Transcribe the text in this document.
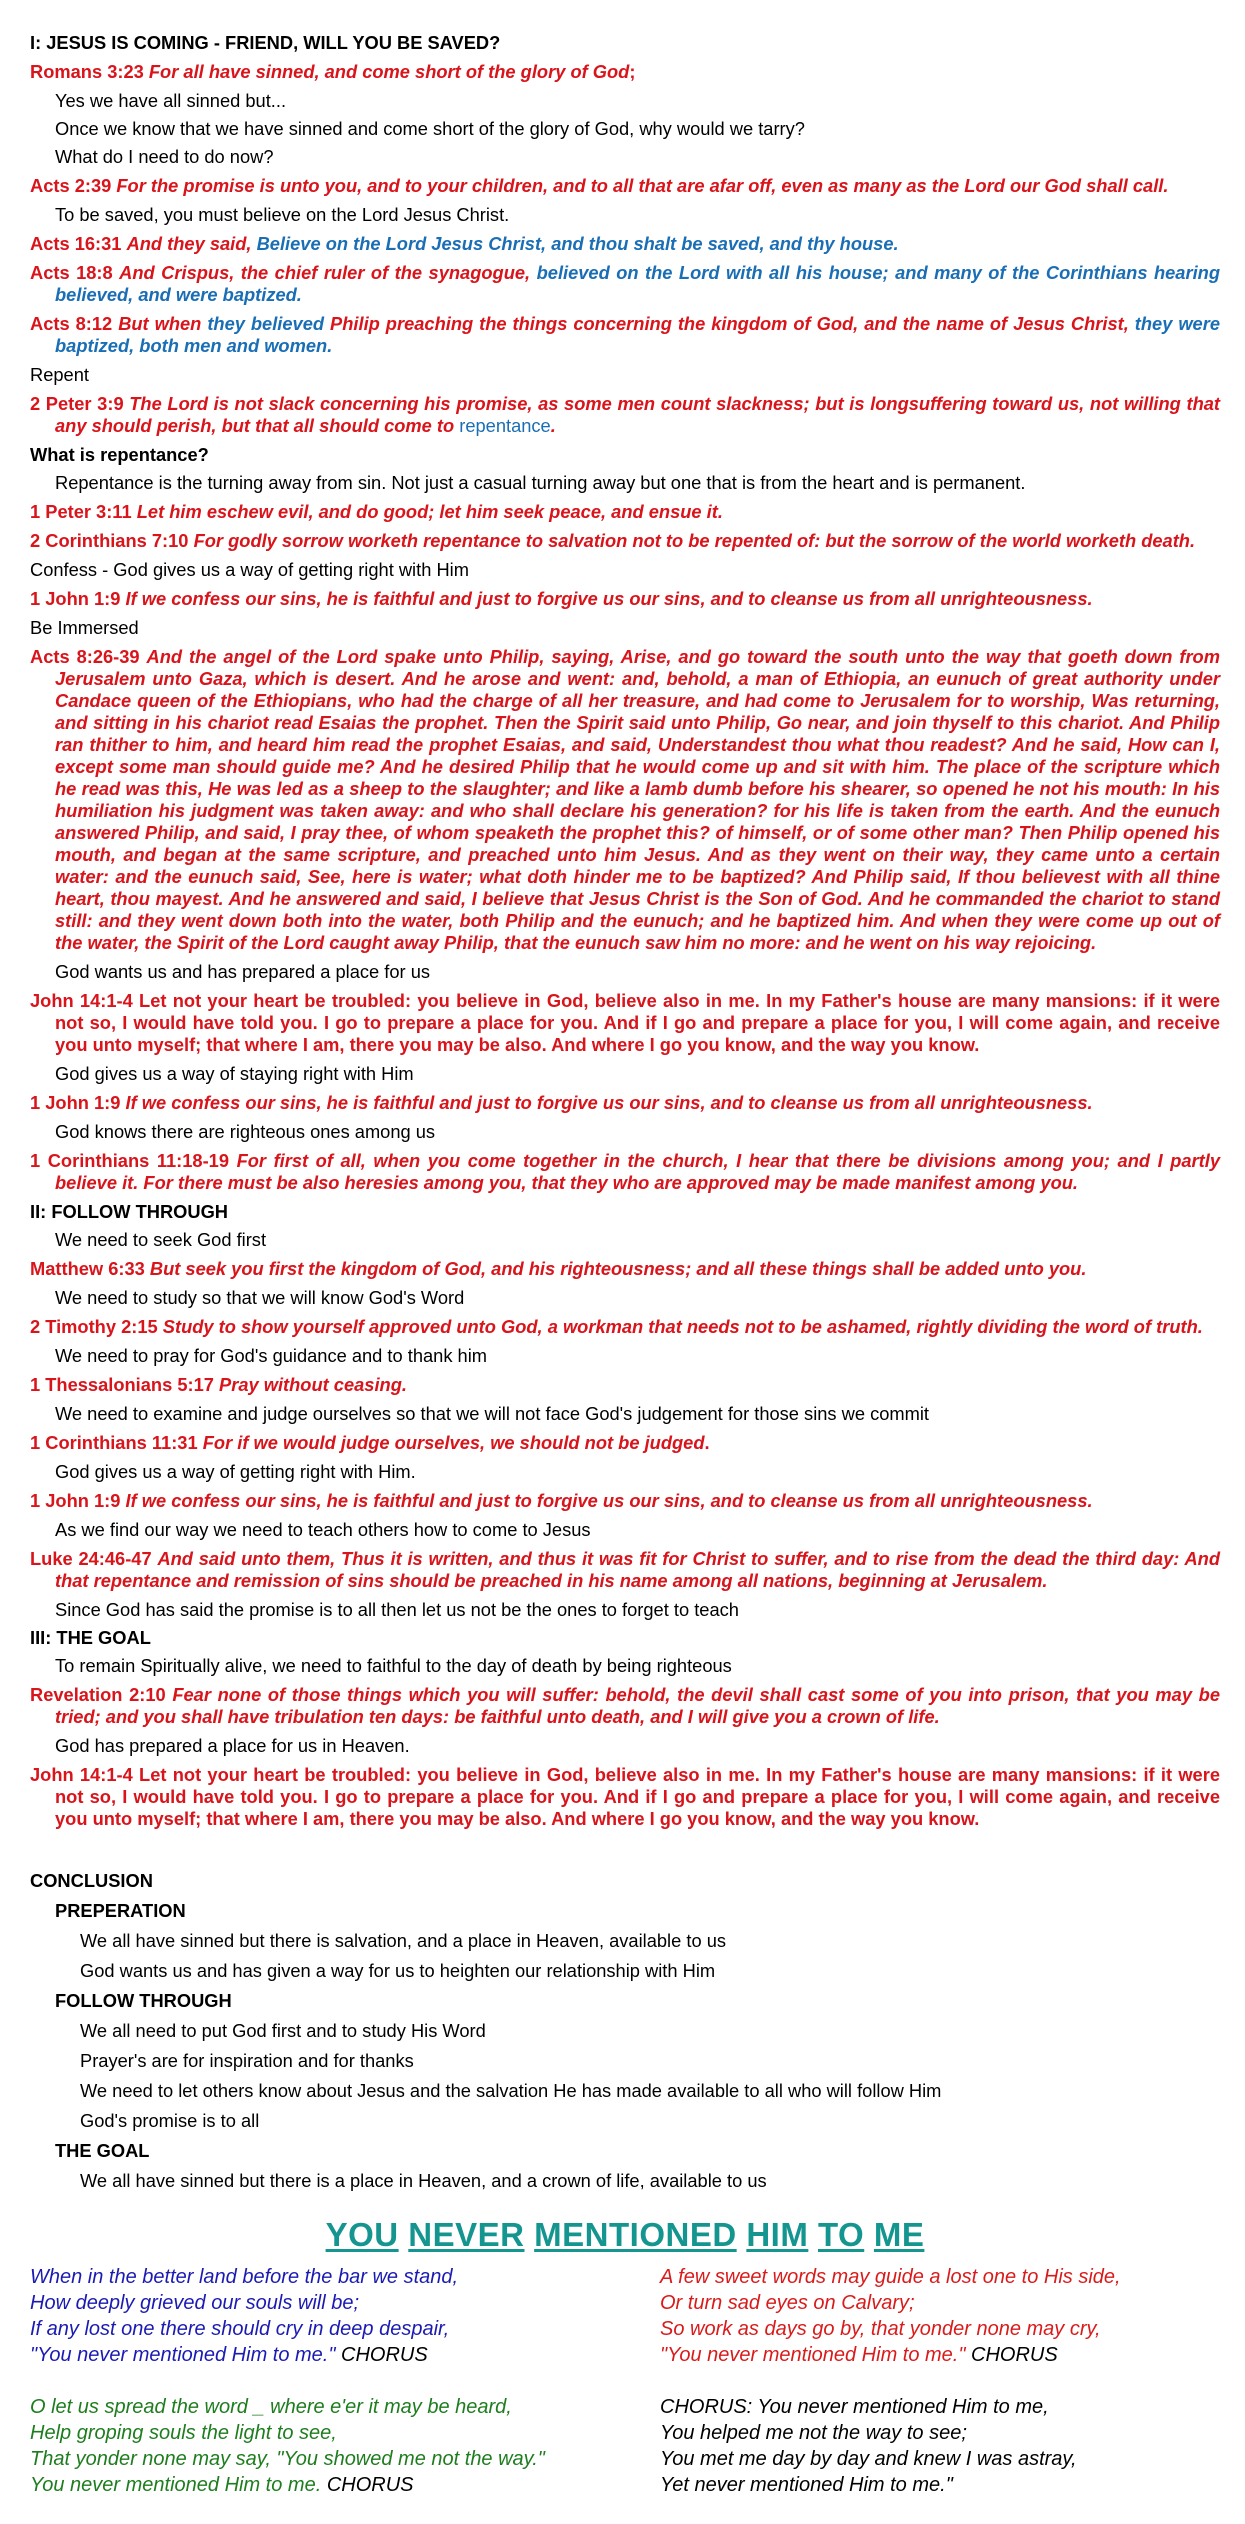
I: JESUS IS COMING - FRIEND, WILL YOU BE SAVED?

Romans 3:23 For all have sinned, and come short of the glory of God;

Yes we have all sinned but...

Once we know that we have sinned and come short of the glory of God, why would we tarry?

What do I need to do now?

Acts 2:39 For the promise is unto you, and to your children, and to all that are afar off, even as many as the Lord our God shall call.

To be saved, you must believe on the Lord Jesus Christ.

Acts 16:31 And they said, Believe on the Lord Jesus Christ, and thou shalt be saved, and thy house.

Acts 18:8 And Crispus, the chief ruler of the synagogue, believed on the Lord with all his house; and many of the Corinthians hearing believed, and were baptized.

Acts 8:12 But when they believed Philip preaching the things concerning the kingdom of God, and the name of Jesus Christ, they were baptized, both men and women.

Repent

2 Peter 3:9 The Lord is not slack concerning his promise, as some men count slackness; but is longsuffering toward us, not willing that any should perish, but that all should come to repentance.

What is repentance?

Repentance is the turning away from sin. Not just a casual turning away but one that is from the heart and is permanent.

1 Peter 3:11 Let him eschew evil, and do good; let him seek peace, and ensue it.

2 Corinthians 7:10 For godly sorrow worketh repentance to salvation not to be repented of: but the sorrow of the world worketh death.

Confess - God gives us a way of getting right with Him

1 John 1:9 If we confess our sins, he is faithful and just to forgive us our sins, and to cleanse us from all unrighteousness.

Be Immersed

Acts 8:26-39 And the angel of the Lord spake unto Philip, saying, Arise, and go toward the south unto the way that goeth down from Jerusalem unto Gaza, which is desert. And he arose and went: and, behold, a man of Ethiopia, an eunuch of great authority under Candace queen of the Ethiopians, who had the charge of all her treasure, and had come to Jerusalem for to worship, Was returning, and sitting in his chariot read Esaias the prophet. Then the Spirit said unto Philip, Go near, and join thyself to this chariot. And Philip ran thither to him, and heard him read the prophet Esaias, and said, Understandest thou what thou readest? And he said, How can I, except some man should guide me? And he desired Philip that he would come up and sit with him. The place of the scripture which he read was this, He was led as a sheep to the slaughter; and like a lamb dumb before his shearer, so opened he not his mouth: In his humiliation his judgment was taken away: and who shall declare his generation? for his life is taken from the earth. And the eunuch answered Philip, and said, I pray thee, of whom speaketh the prophet this? of himself, or of some other man? Then Philip opened his mouth, and began at the same scripture, and preached unto him Jesus. And as they went on their way, they came unto a certain water: and the eunuch said, See, here is water; what doth hinder me to be baptized? And Philip said, If thou believest with all thine heart, thou mayest. And he answered and said, I believe that Jesus Christ is the Son of God. And he commanded the chariot to stand still: and they went down both into the water, both Philip and the eunuch; and he baptized him. And when they were come up out of the water, the Spirit of the Lord caught away Philip, that the eunuch saw him no more: and he went on his way rejoicing.

God wants us and has prepared a place for us

John 14:1-4 Let not your heart be troubled: you believe in God, believe also in me. In my Father's house are many mansions: if it were not so, I would have told you. I go to prepare a place for you. And if I go and prepare a place for you, I will come again, and receive you unto myself; that where I am, there you may be also. And where I go you know, and the way you know.

God gives us a way of staying right with Him

1 John 1:9 If we confess our sins, he is faithful and just to forgive us our sins, and to cleanse us from all unrighteousness.

God knows there are righteous ones among us

1 Corinthians 11:18-19 For first of all, when you come together in the church, I hear that there be divisions among you; and I partly believe it. For there must be also heresies among you, that they who are approved may be made manifest among you.

II: FOLLOW THROUGH

We need to seek God first

Matthew 6:33 But seek you first the kingdom of God, and his righteousness; and all these things shall be added unto you.

We need to study so that we will know God's Word

2 Timothy 2:15 Study to show yourself approved unto God, a workman that needs not to be ashamed, rightly dividing the word of truth.

We need to pray for God's guidance and to thank him

1 Thessalonians 5:17 Pray without ceasing.

We need to examine and judge ourselves so that we will not face God's judgement for those sins we commit

1 Corinthians 11:31 For if we would judge ourselves, we should not be judged.

God gives us a way of getting right with Him.

1 John 1:9 If we confess our sins, he is faithful and just to forgive us our sins, and to cleanse us from all unrighteousness.

As we find our way we need to teach others how to come to Jesus

Luke 24:46-47 And said unto them, Thus it is written, and thus it was fit for Christ to suffer, and to rise from the dead the third day: And that repentance and remission of sins should be preached in his name among all nations, beginning at Jerusalem.

Since God has said the promise is to all then let us not be the ones to forget to teach

III: THE GOAL

To remain Spiritually alive, we need to faithful to the day of death by being righteous

Revelation 2:10 Fear none of those things which you will suffer: behold, the devil shall cast some of you into prison, that you may be tried; and you shall have tribulation ten days: be faithful unto death, and I will give you a crown of life.

God has prepared a place for us in Heaven.

John 14:1-4 Let not your heart be troubled: you believe in God, believe also in me. In my Father's house are many mansions: if it were not so, I would have told you. I go to prepare a place for you. And if I go and prepare a place for you, I will come again, and receive you unto myself; that where I am, there you may be also. And where I go you know, and the way you know.

CONCLUSION

PREPERATION

We all have sinned but there is salvation, and a place in Heaven, available to us

God wants us and has given a way for us to heighten our relationship with Him

FOLLOW THROUGH

We all need to put God first and to study His Word

Prayer's are for inspiration and for thanks

We need to let others know about Jesus and the salvation He has made available to all who will follow Him

God's promise is to all

THE GOAL

We all have sinned but there is a place in Heaven, and a crown of life, available to us

YOU NEVER MENTIONED HIM TO ME

When in the better land before the bar we stand,

How deeply grieved our souls will be;

If any lost one there should cry in deep despair,

"You never mentioned Him to me." CHORUS

O let us spread the word _ where e'er it may be heard,

Help groping souls the light to see,

That yonder none may say, "You showed me not the way."

You never mentioned Him to me. CHORUS

A few sweet words may guide a lost one to His side,

Or turn sad eyes on Calvary;

So work as days go by, that yonder none may cry,

"You never mentioned Him to me." CHORUS

CHORUS: You never mentioned Him to me,

You helped me not the way to see;

You met me day by day and knew I was astray,

Yet never mentioned Him to me."
